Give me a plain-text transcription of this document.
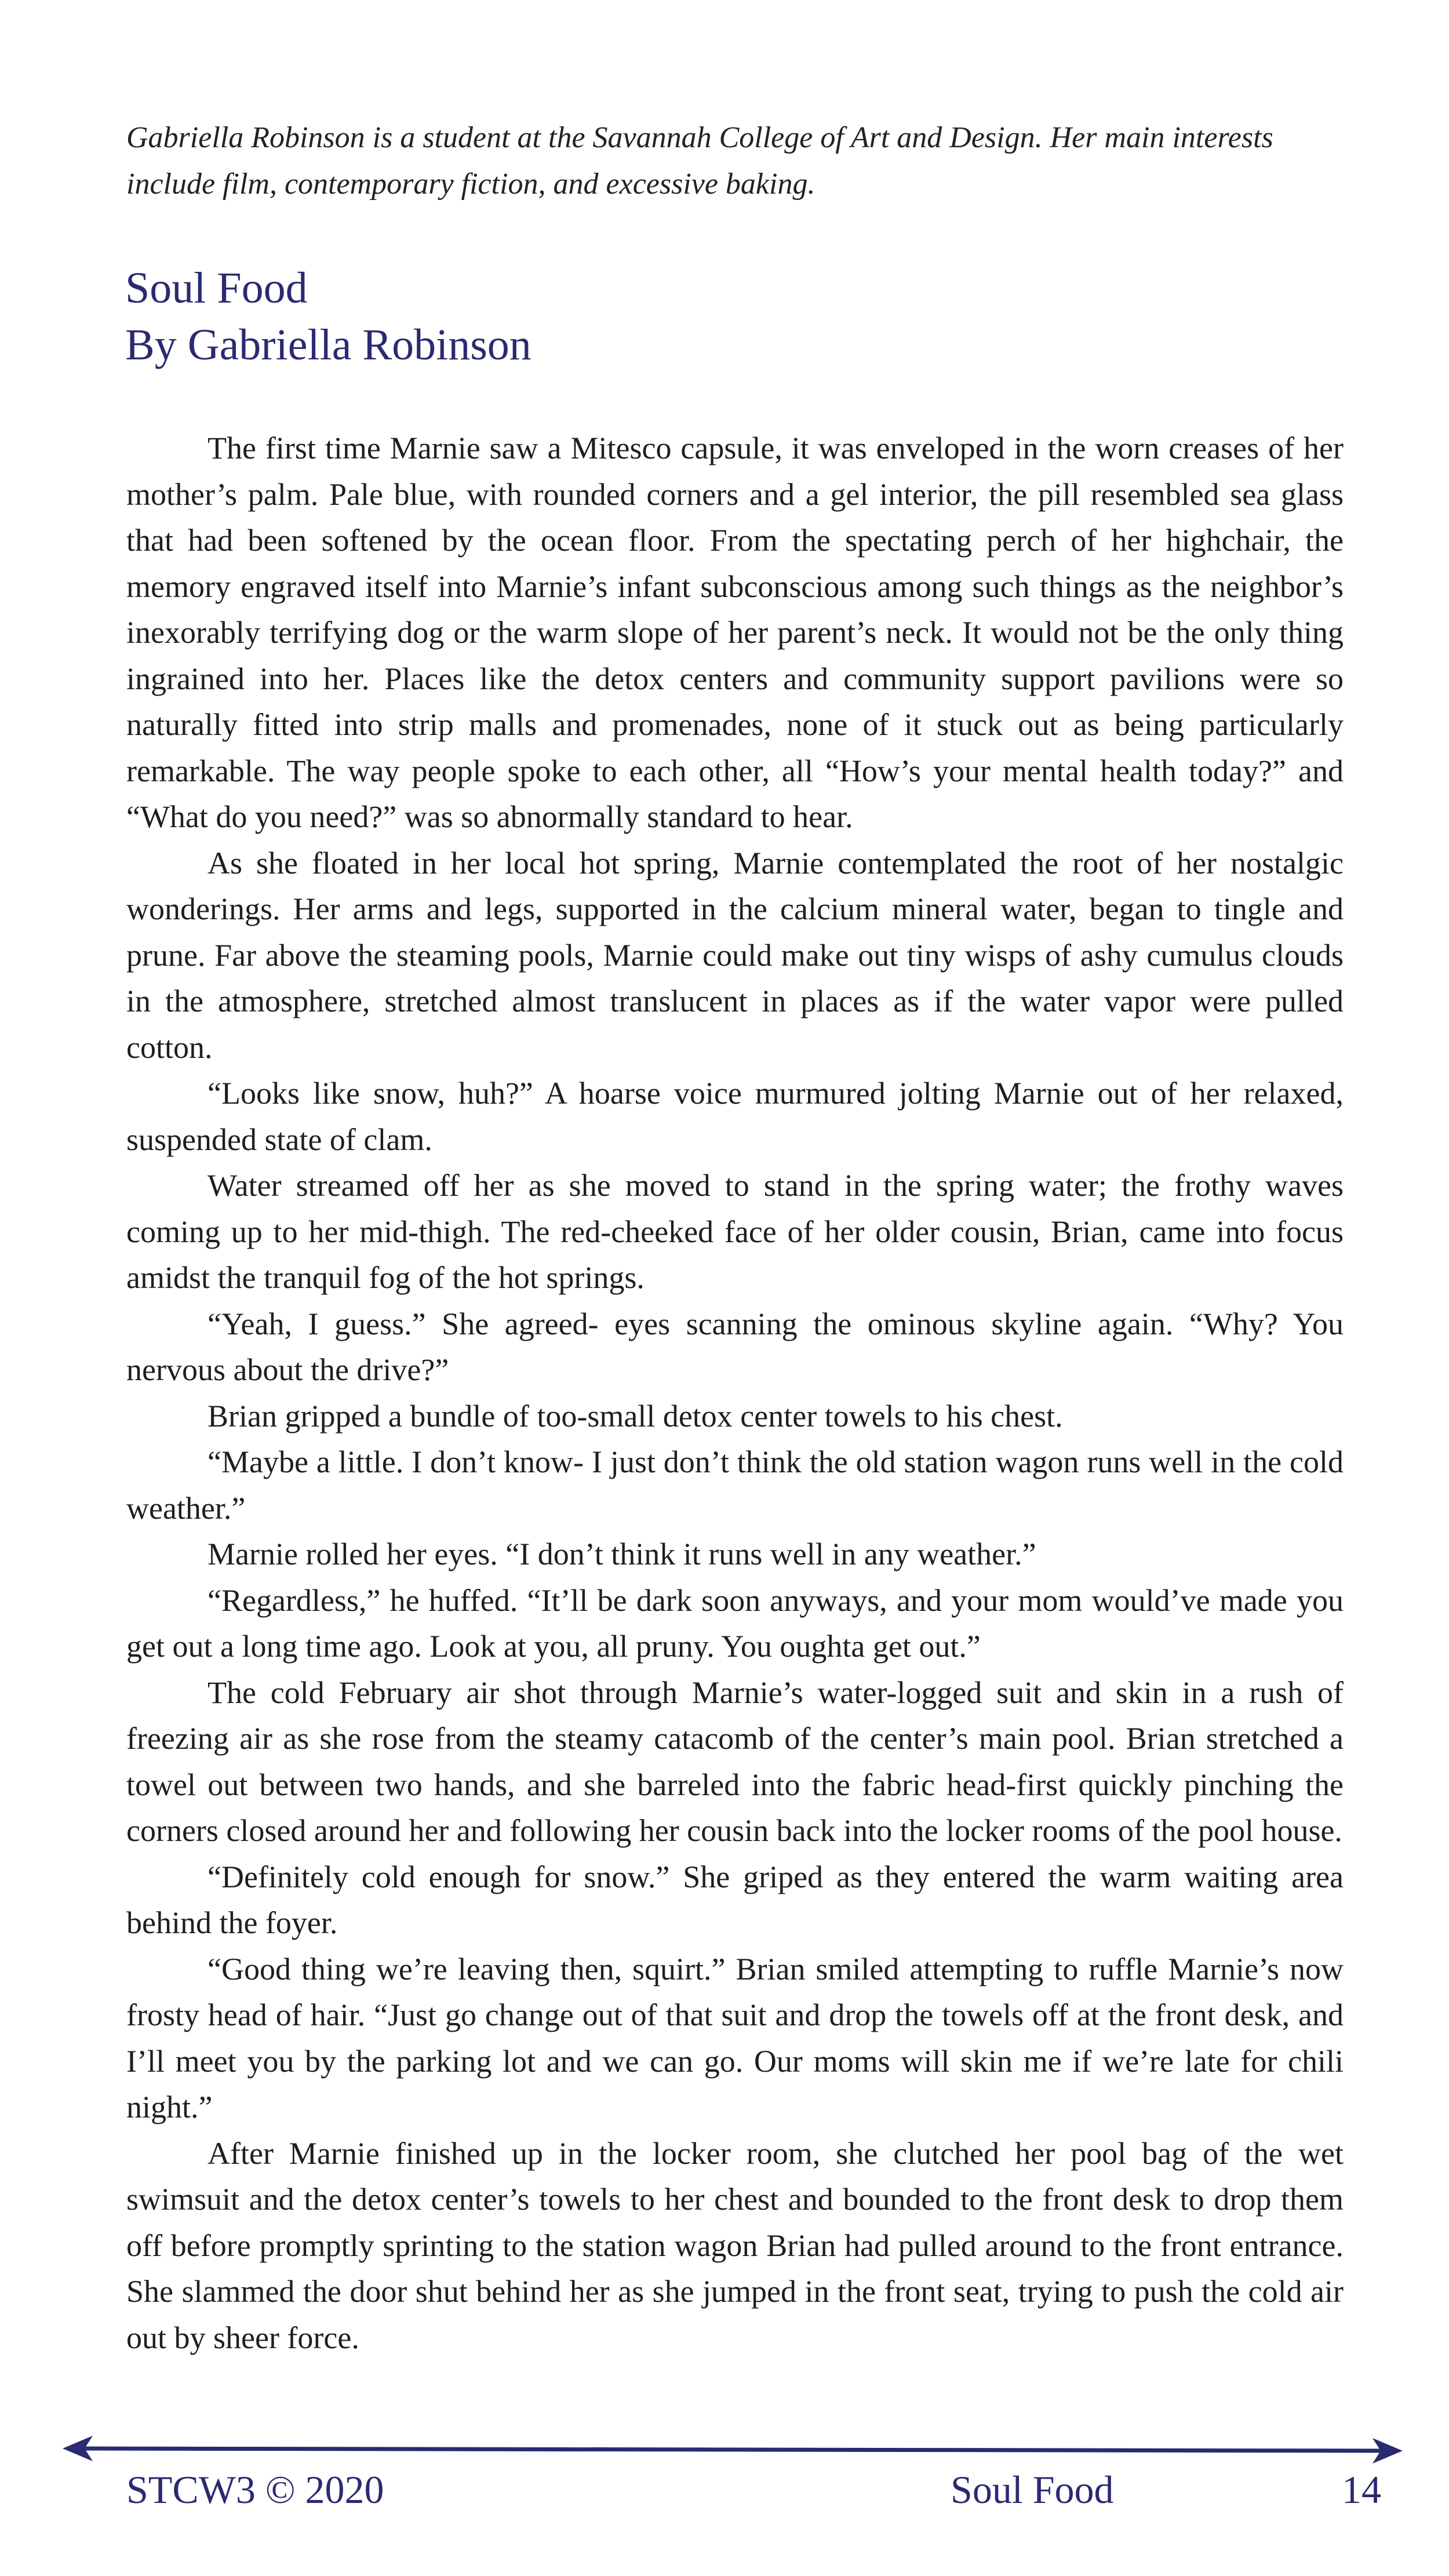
Gabriella Robinson is a student at the Savannah College of Art and Design. Her main interests include film, contemporary fiction, and excessive baking.
Soul Food
By Gabriella Robinson

The first time Marnie saw a Mitesco capsule, it was enveloped in the worn creases of her mother’s palm. Pale blue, with rounded corners and a gel interior, the pill resembled sea glass that had been softened by the ocean floor. From the spectating perch of her highchair, the memory engraved itself into Marnie’s infant subconscious among such things as the neighbor’s inexorably terrifying dog or the warm slope of her parent’s neck. It would not be the only thing ingrained into her. Places like the detox centers and community support pavilions were so naturally fitted into strip malls and promenades, none of it stuck out as being particularly remarkable. The way people spoke to each other, all “How’s your mental health today?” and “What do you need?” was so abnormally standard to hear.

As she floated in her local hot spring, Marnie contemplated the root of her nostalgic wonderings. Her arms and legs, supported in the calcium mineral water, began to tingle and prune. Far above the steaming pools, Marnie could make out tiny wisps of ashy cumulus clouds in the atmosphere, stretched almost translucent in places as if the water vapor were pulled cotton.

“Looks like snow, huh?” A hoarse voice murmured jolting Marnie out of her relaxed, suspended state of clam.

Water streamed off her as she moved to stand in the spring water; the frothy waves coming up to her mid-thigh. The red-cheeked face of her older cousin, Brian, came into focus amidst the tranquil fog of the hot springs.

“Yeah, I guess.” She agreed- eyes scanning the ominous skyline again. “Why? You nervous about the drive?”

Brian gripped a bundle of too-small detox center towels to his chest.

“Maybe a little. I don’t know- I just don’t think the old station wagon runs well in the cold weather.”

Marnie rolled her eyes. “I don’t think it runs well in any weather.”

“Regardless,” he huffed. “It’ll be dark soon anyways, and your mom would’ve made you get out a long time ago. Look at you, all pruny. You oughta get out.”

The cold February air shot through Marnie’s water-logged suit and skin in a rush of freezing air as she rose from the steamy catacomb of the center’s main pool. Brian stretched a towel out between two hands, and she barreled into the fabric head-first quickly pinching the corners closed around her and following her cousin back into the locker rooms of the pool house.

“Definitely cold enough for snow.” She griped as they entered the warm waiting area behind the foyer.

“Good thing we’re leaving then, squirt.” Brian smiled attempting to ruffle Marnie’s now frosty head of hair. “Just go change out of that suit and drop the towels off at the front desk, and I’ll meet you by the parking lot and we can go. Our moms will skin me if we’re late for chili night.”

After Marnie finished up in the locker room, she clutched her pool bag of the wet swimsuit and the detox center’s towels to her chest and bounded to the front desk to drop them off before promptly sprinting to the station wagon Brian had pulled around to the front entrance. She slammed the door shut behind her as she jumped in the front seat, trying to push the cold air out by sheer force.

STCW3 © 2020	Soul Food	14
